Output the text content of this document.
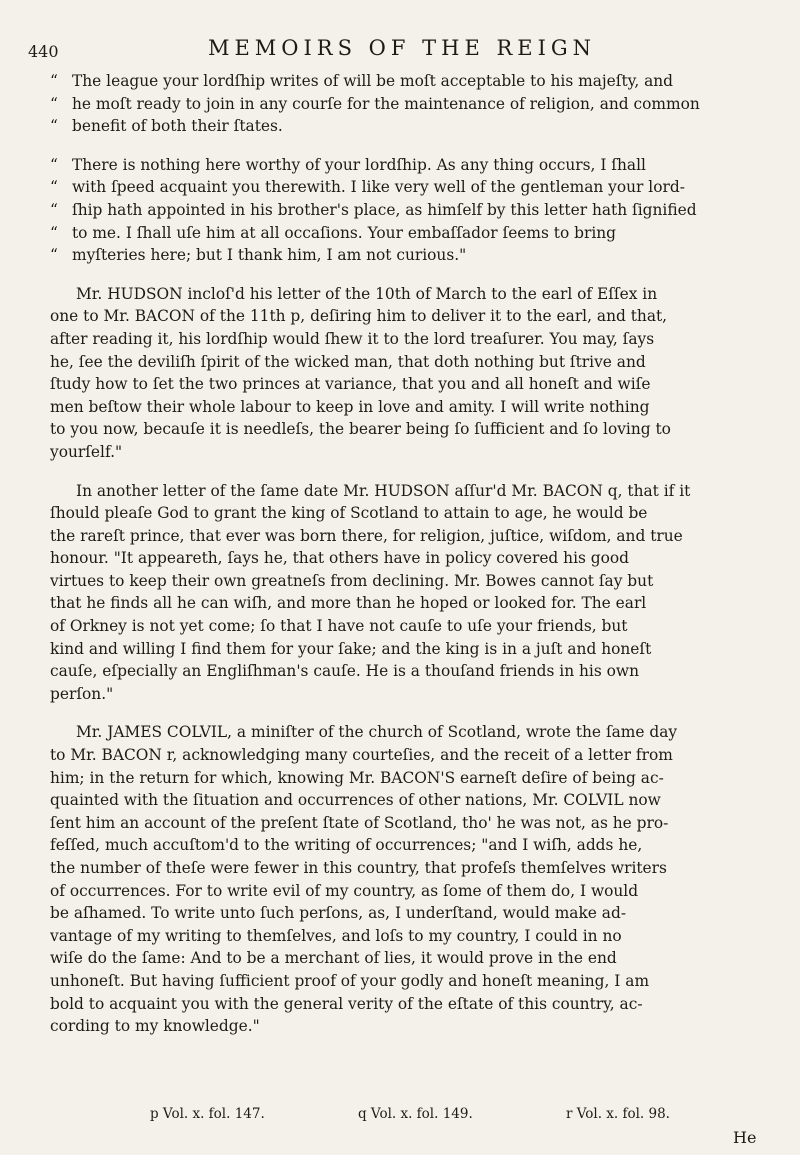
440	MEMOIRS OF THE REIGN
“ The league your lordſhip writes of will be moſt acceptable to his majeſty, and
“ he moſt ready to join in any courſe for the maintenance of religion, and common
“ benefit of both their ſtates.
“ There is nothing here worthy of your lordſhip. As any thing occurs, I ſhall
“ with ſpeed acquaint you therewith. I like very well of the gentleman your lord-
“ ſhip hath appointed in his brother's place, as himſelf by this letter hath ſignified
“ to me. I ſhall uſe him at all occaſions. Your embaſſador ſeems to bring
“ myſteries here; but I thank him, I am not curious."
Mr. HUDSON incloſ'd his letter of the 10th of March to the earl of Eſſex in
one to Mr. BACON of the 11th p, deſiring him to deliver it to the earl, and that,
after reading it, his lordſhip would ſhew it to the lord treaſurer. You may, ſays
he, ſee the deviliſh ſpirit of the wicked man, that doth nothing but ſtrive and
ſtudy how to ſet the two princes at variance, that you and all honeſt and wiſe
men beſtow their whole labour to keep in love and amity. I will write nothing
to you now, becauſe it is needleſs, the bearer being ſo ſufficient and ſo loving to
yourſelf."
In another letter of the ſame date Mr. HUDSON aſſur'd Mr. BACON q, that if it
ſhould pleaſe God to grant the king of Scotland to attain to age, he would be
the rareſt prince, that ever was born there, for religion, juſtice, wiſdom, and true
honour. "It appeareth, ſays he, that others have in policy covered his good
virtues to keep their own greatneſs from declining. Mr. Bowes cannot ſay but
that he finds all he can wiſh, and more than he hoped or looked for. The earl
of Orkney is not yet come; ſo that I have not cauſe to uſe your friends, but
kind and willing I find them for your ſake; and the king is in a juſt and honeſt
cauſe, eſpecially an Engliſhman's cauſe. He is a thouſand friends in his own
perſon."
Mr. JAMES COLVIL, a miniſter of the church of Scotland, wrote the ſame day
to Mr. BACON r, acknowledging many courteſies, and the receit of a letter from
him; in the return for which, knowing Mr. BACON'S earneſt deſire of being ac-
quainted with the ſituation and occurrences of other nations, Mr. COLVIL now
ſent him an account of the preſent ſtate of Scotland, tho' he was not, as he pro-
feſſed, much accuſtom'd to the writing of occurrences; "and I wiſh, adds he,
the number of theſe were fewer in this country, that profeſs themſelves writers
of occurrences. For to write evil of my country, as ſome of them do, I would
be aſhamed. To write unto ſuch perſons, as, I underſtand, would make ad-
vantage of my writing to themſelves, and loſs to my country, I could in no
wiſe do the ſame: And to be a merchant of lies, it would prove in the end
unhoneſt. But having ſufficient proof of your godly and honeſt meaning, I am
bold to acquaint you with the general verity of the eſtate of this country, ac-
cording to my knowledge."
p Vol. x. fol. 147.	q Vol. x. fol. 149.	r Vol. x. fol. 98.
He
